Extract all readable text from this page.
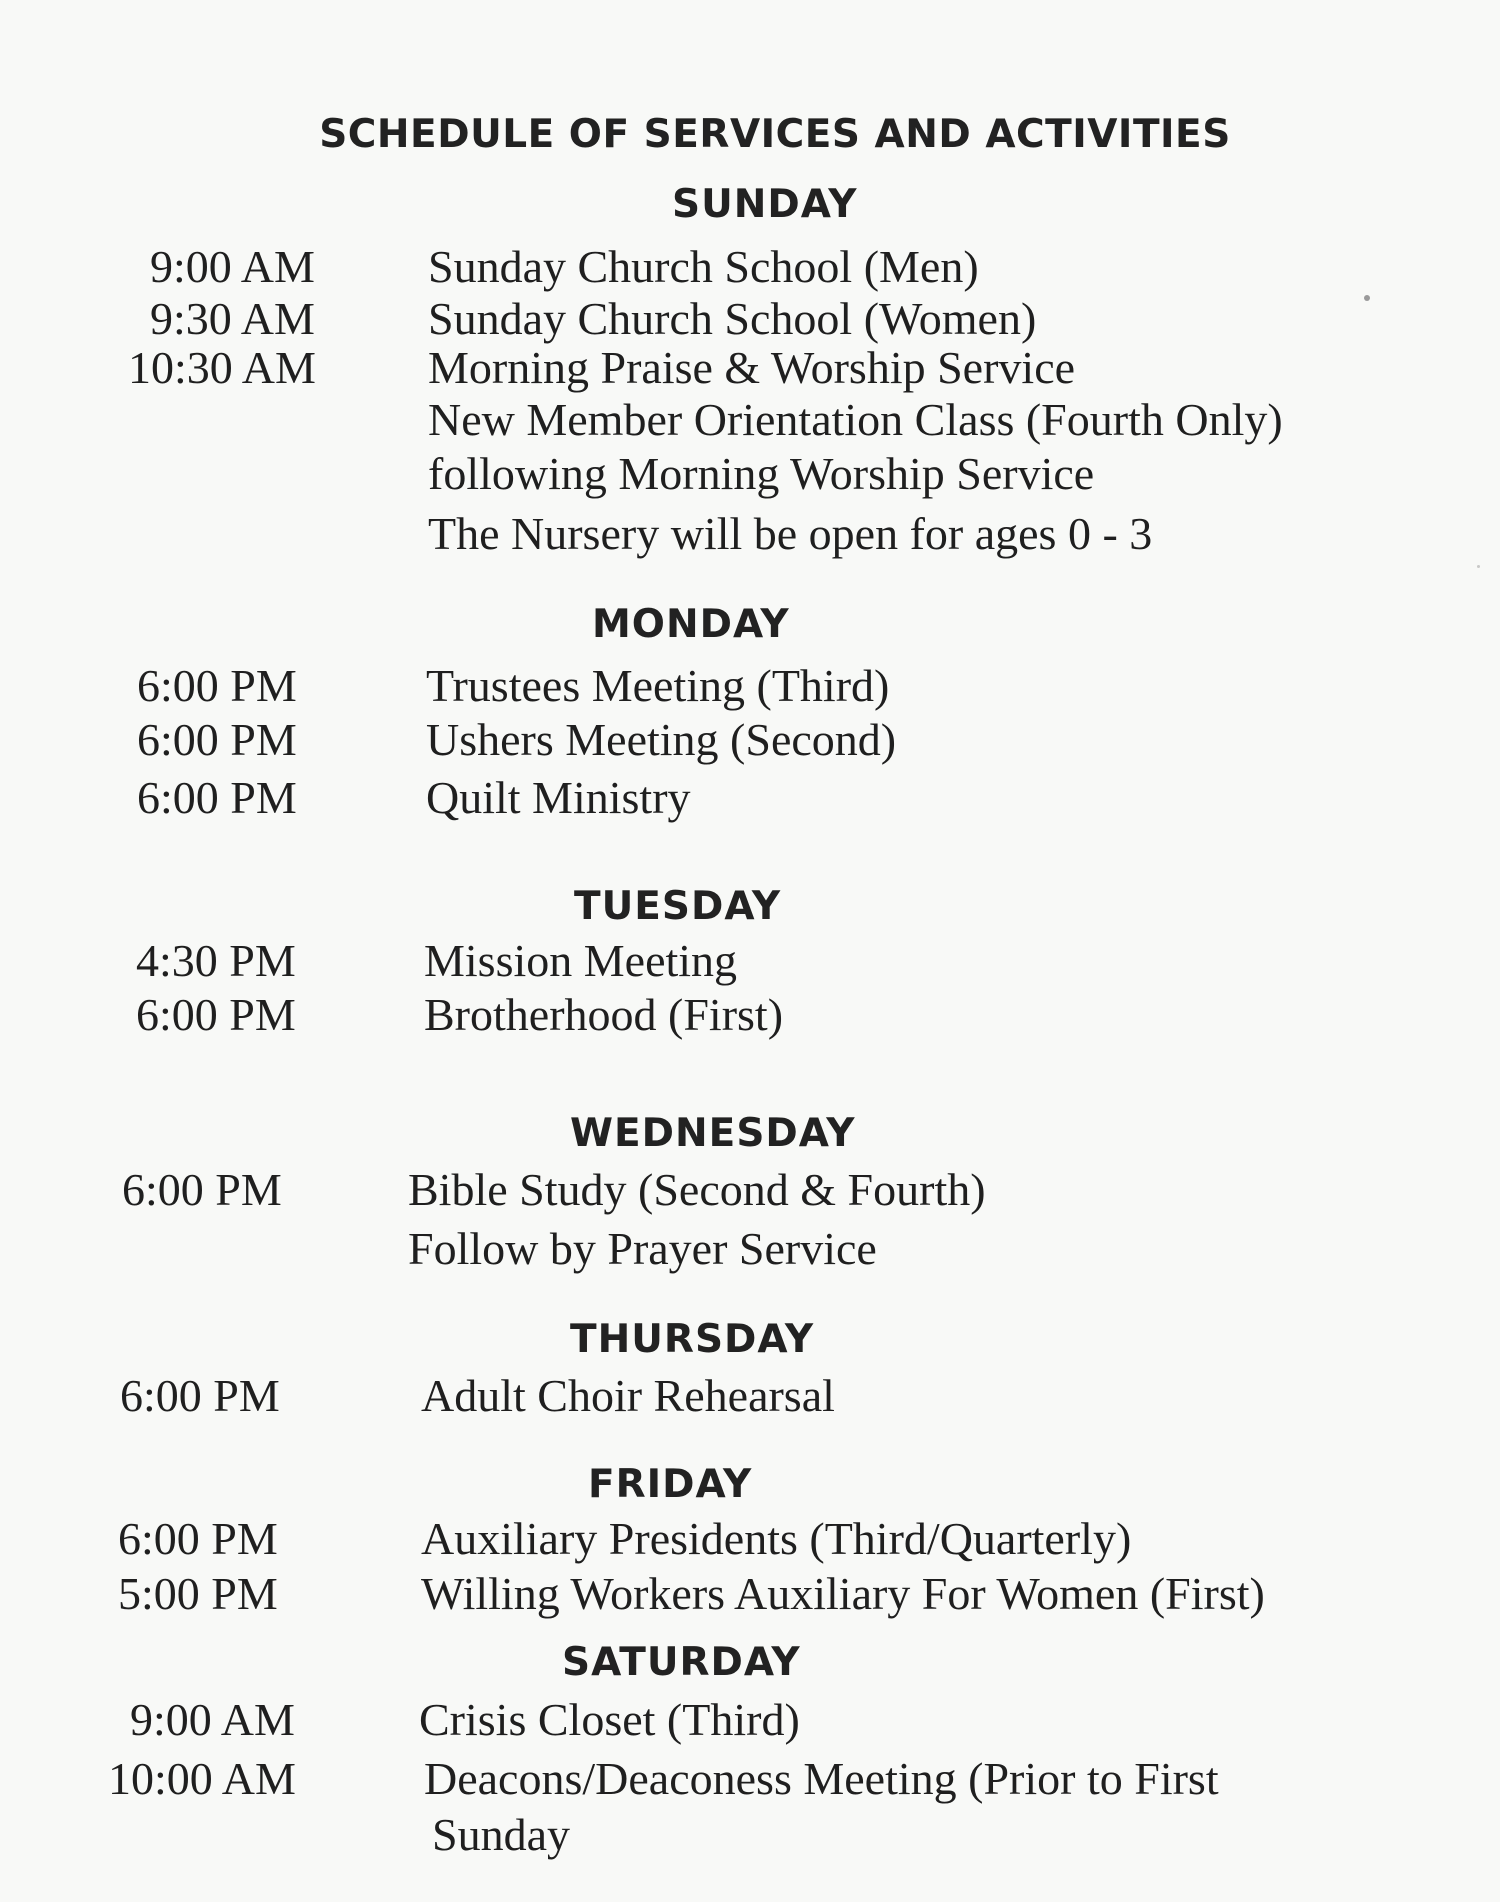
SCHEDULE OF SERVICES AND ACTIVITIES
SUNDAY
9:00 AM Sunday Church School (Men)
9:30 AM Sunday Church School (Women)
10:30 AM Morning Praise & Worship Service
New Member Orientation Class (Fourth Only)
following Morning Worship Service
The Nursery will be open for ages 0 - 3
MONDAY
6:00 PM	Trustees Meeting (Third)
6:00 PM	Ushers Meeting (Second)
6:00 PM	Quilt Ministry
TUESDAY
4:30 PM	Mission Meeting
6:00 PM	Brotherhood (First)
WEDNESDAY
6:00 PM	Bible Study (Second & Fourth)
Follow by Prayer Service
THURSDAY
6:00 PM	Adult Choir Rehearsal
FRIDAY
6:00 PM	Auxiliary Presidents (Third/Quarterly)
5:00 PM	Willing Workers Auxiliary For Women (First)
SATURDAY
9:00 AM	Crisis Closet (Third)
10:00 AM	Deacons/Deaconess Meeting (Prior to First
Sunday
